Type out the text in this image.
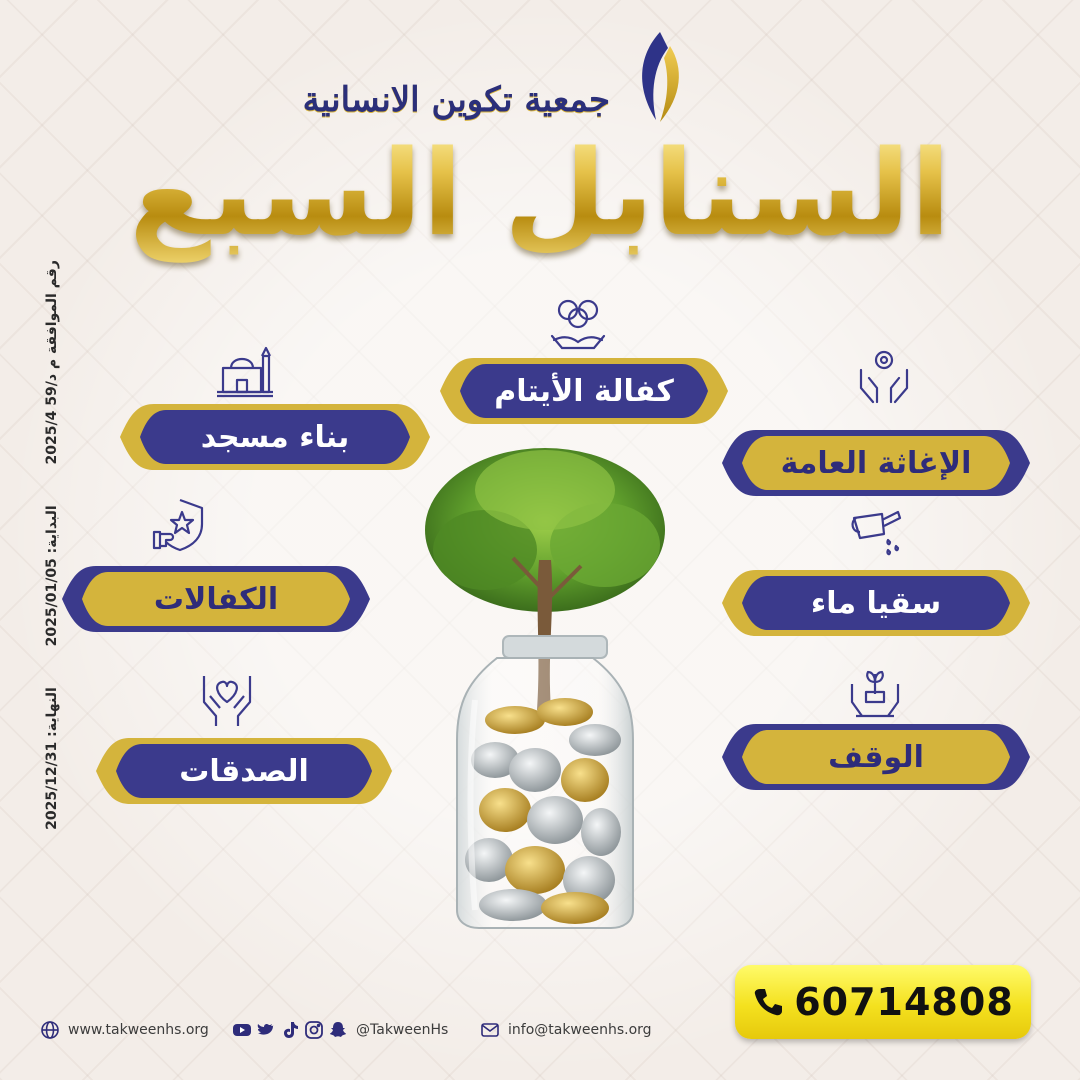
جمعية تكوين الانسانية
السنابل السبع
رقم الموافقة م د/59 2025/4 البداية: 2025/01/05 النهاية: 2025/12/31
كفالة الأيتام
بناء مسجد
الإغاثة العامة
الكفالات	سقيا ماء
الصدقات	الوقف
60714808
www.takweenhs.org	@TakweenHs	info@takweenhs.org
